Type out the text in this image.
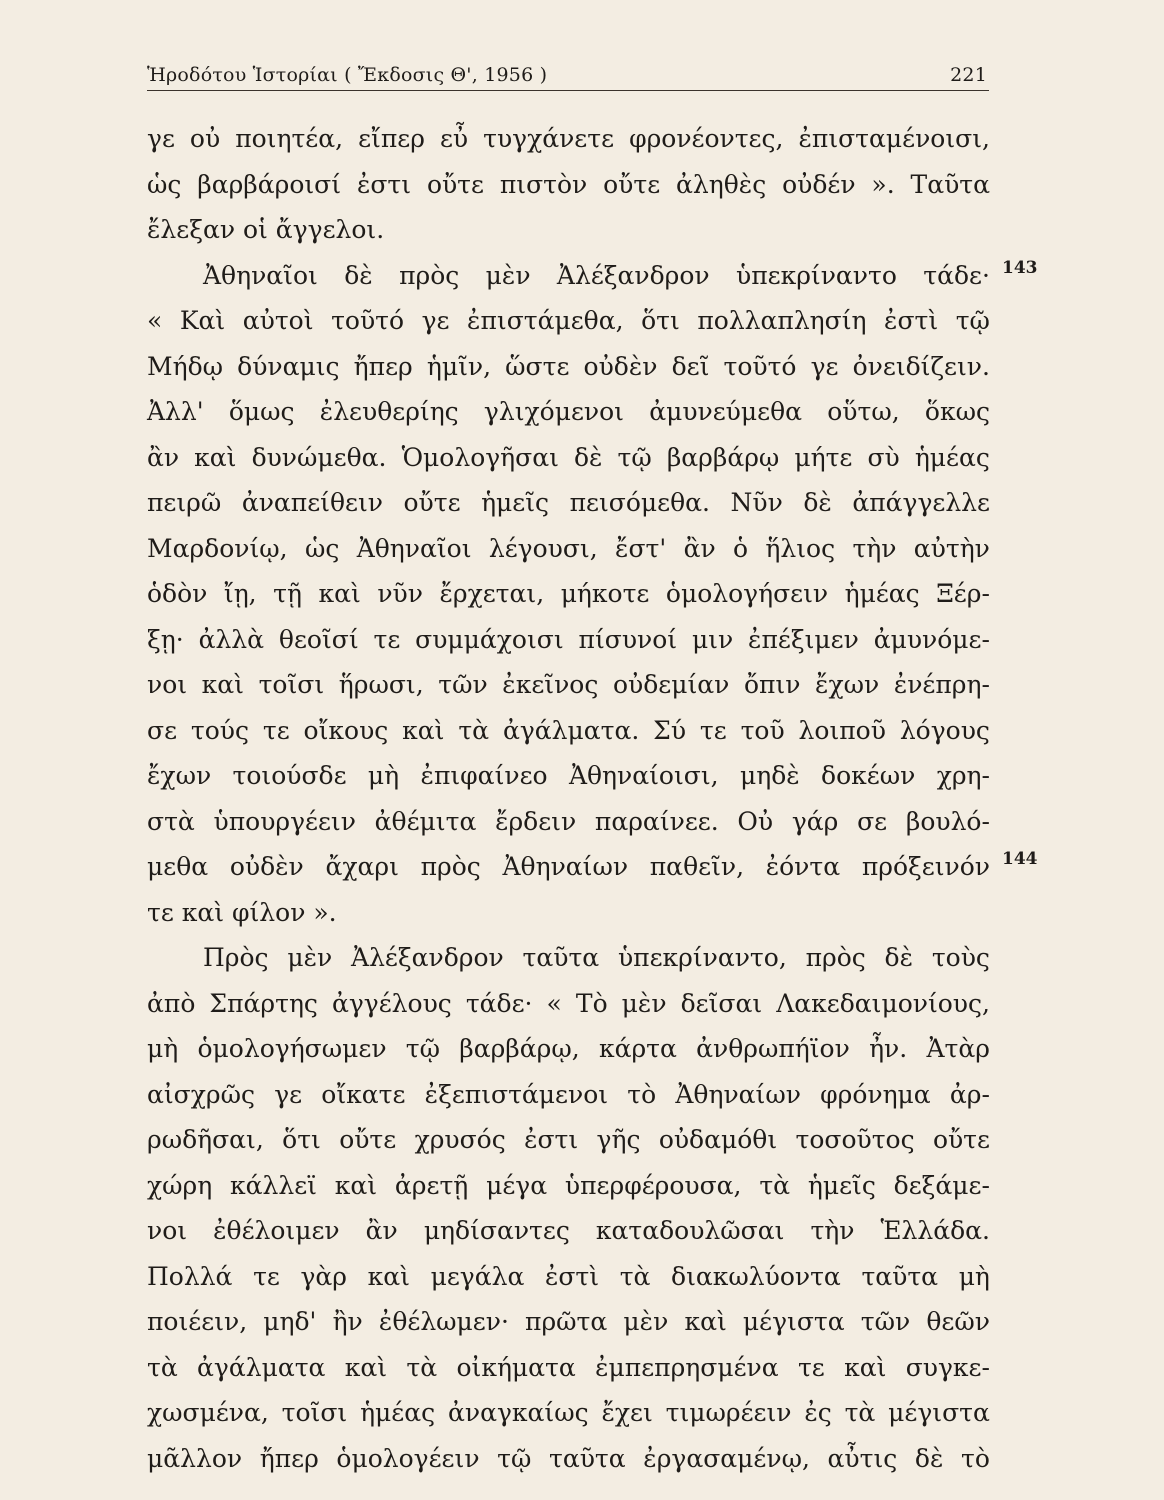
Ἡροδότου Ἱστορίαι ( Ἔκδοσις Θ', 1956 )	221
γε οὐ ποιητέα, εἴπερ εὖ τυγχάνετε φρονέοντες, ἐπισταμένοισι,
ὡς βαρβάροισί ἐστι οὔτε πιστὸν οὔτε ἀληθὲς οὐδέν ». Ταῦτα
ἔλεξαν οἱ ἄγγελοι.
Ἀθηναῖοι δὲ πρὸς μὲν Ἀλέξανδρον ὑπεκρίναντο τάδε·
« Καὶ αὐτοὶ τοῦτό γε ἐπιστάμεθα, ὅτι πολλαπλησίη ἐστὶ τῷ
Μήδῳ δύναμις ἤπερ ἡμῖν, ὥστε οὐδὲν δεῖ τοῦτό γε ὀνειδίζειν.
Ἀλλ' ὅμως ἐλευθερίης γλιχόμενοι ἀμυνεύμεθα οὕτω, ὅκως
ἂν καὶ δυνώμεθα. Ὁμολογῆσαι δὲ τῷ βαρβάρῳ μήτε σὺ ἡμέας
πειρῶ ἀναπείθειν οὔτε ἡμεῖς πεισόμεθα. Νῦν δὲ ἀπάγγελλε
Μαρδονίῳ, ὡς Ἀθηναῖοι λέγουσι, ἔστ' ἂν ὁ ἥλιος τὴν αὐτὴν
ὁδὸν ἴῃ, τῇ καὶ νῦν ἔρχεται, μήκοτε ὁμολογήσειν ἡμέας Ξέρ-
ξῃ· ἀλλὰ θεοῖσί τε συμμάχοισι πίσυνοί μιν ἐπέξιμεν ἀμυνόμε-
νοι καὶ τοῖσι ἥρωσι, τῶν ἐκεῖνος οὐδεμίαν ὄπιν ἔχων ἐνέπρη-
σε τούς τε οἴκους καὶ τὰ ἀγάλματα. Σύ τε τοῦ λοιποῦ λόγους
ἔχων τοιούσδε μὴ ἐπιφαίνεο Ἀθηναίοισι, μηδὲ δοκέων χρη-
στὰ ὑπουργέειν ἀθέμιτα ἔρδειν παραίνεε. Οὐ γάρ σε βουλό-
μεθα οὐδὲν ἄχαρι πρὸς Ἀθηναίων παθεῖν, ἐόντα πρόξεινόν
τε καὶ φίλον ».
Πρὸς μὲν Ἀλέξανδρον ταῦτα ὑπεκρίναντο, πρὸς δὲ τοὺς
ἀπὸ Σπάρτης ἀγγέλους τάδε· « Τὸ μὲν δεῖσαι Λακεδαιμονίους,
μὴ ὁμολογήσωμεν τῷ βαρβάρῳ, κάρτα ἀνθρωπήϊον ἦν. Ἀτὰρ
αἰσχρῶς γε οἴκατε ἐξεπιστάμενοι τὸ Ἀθηναίων φρόνημα ἀρ-
ρωδῆσαι, ὅτι οὔτε χρυσός ἐστι γῆς οὐδαμόθι τοσοῦτος οὔτε
χώρη κάλλεϊ καὶ ἀρετῇ μέγα ὑπερφέρουσα, τὰ ἡμεῖς δεξάμε-
νοι ἐθέλοιμεν ἂν μηδίσαντες καταδουλῶσαι τὴν Ἑλλάδα.
Πολλά τε γὰρ καὶ μεγάλα ἐστὶ τὰ διακωλύοντα ταῦτα μὴ
ποιέειν, μηδ' ἢν ἐθέλωμεν· πρῶτα μὲν καὶ μέγιστα τῶν θεῶν
τὰ ἀγάλματα καὶ τὰ οἰκήματα ἐμπεπρησμένα τε καὶ συγκε-
χωσμένα, τοῖσι ἡμέας ἀναγκαίως ἔχει τιμωρέειν ἐς τὰ μέγιστα
μᾶλλον ἤπερ ὁμολογέειν τῷ ταῦτα ἐργασαμένῳ, αὖτις δὲ τὸ
143
144
